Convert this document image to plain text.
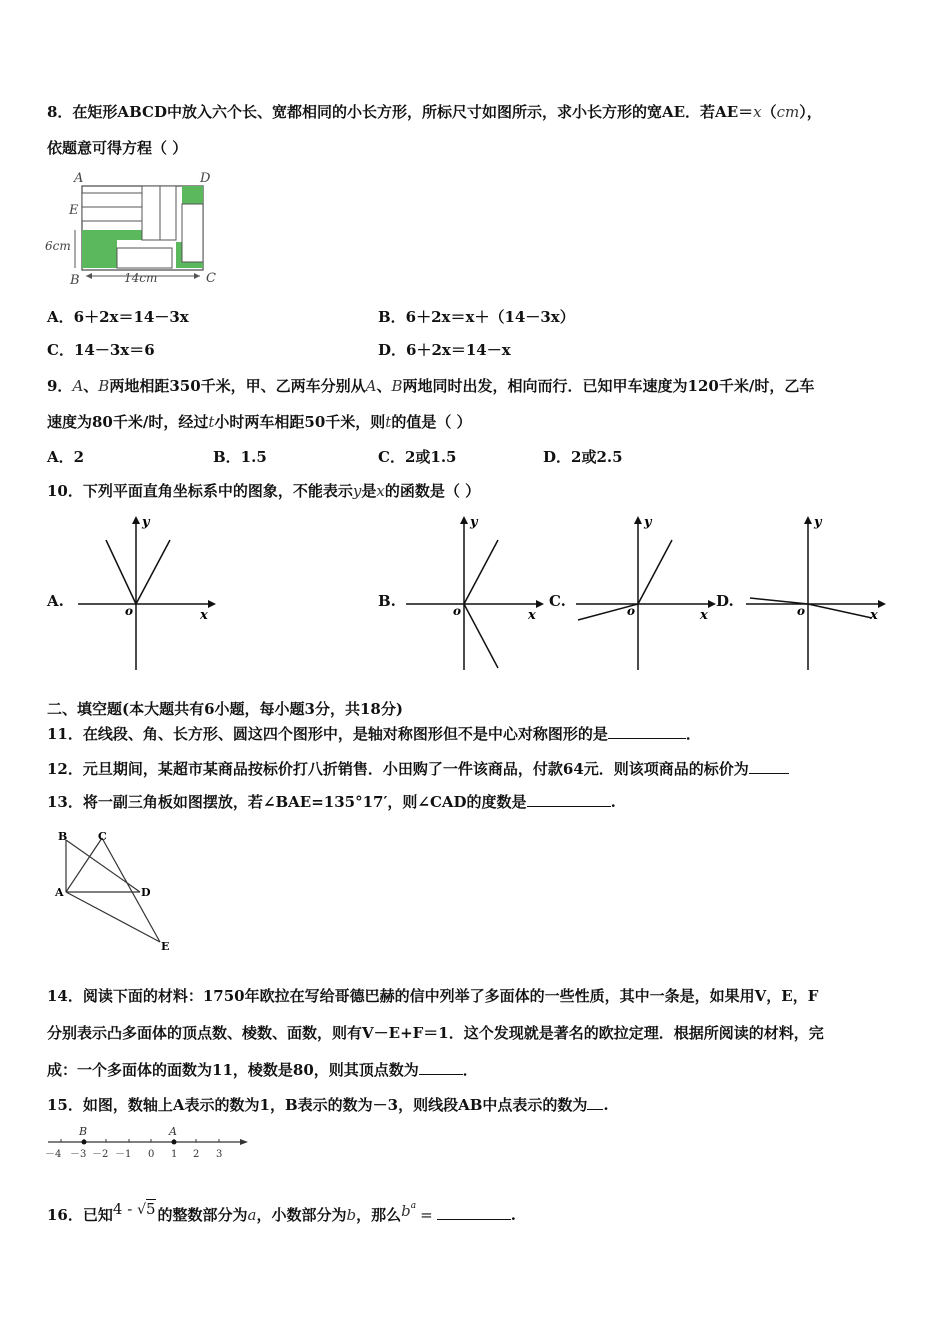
8．在矩形ABCD中放入六个长、宽都相同的小长方形，所标尺寸如图所示，求小长方形的宽AE．若AE＝x（cm），
依题意可得方程（ ）
A	D
E
6cm
B	C
14cm
A．6＋2x＝14－3x	B．6＋2x＝x＋（14－3x）
C．14－3x＝6	D．6＋2x＝14－x
9．A、B两地相距350千米，甲、乙两车分别从A、B两地同时出发，相向而行．已知甲车速度为120千米/时，乙车
速度为80千米/时，经过t小时两车相距50千米，则t的值是（ ）
A．2	B．1.5	C．2或1.5	D．2或2.5
10．下列平面直角坐标系中的图象，不能表示y是x的函数是（ ）
A.	B.	C.	D.
y
x
o
y
x
o
y
x
o
y
x
o
二、填空题(本大题共有6小题，每小题3分，共18分)
11．在线段、角、长方形、圆这四个图形中，是轴对称图形但不是中心对称图形的是	．
12．元旦期间，某超市某商品按标价打八折销售．小田购了一件该商品，付款64元．则该项商品的标价为
13．将一副三角板如图摆放，若∠BAE=135°17′，则∠CAD的度数是	.
B	C
A	D
E
14．阅读下面的材料：1750年欧拉在写给哥德巴赫的信中列举了多面体的一些性质，其中一条是，如果用V，E，F
分别表示凸多面体的顶点数、棱数、面数，则有V－E+F＝1．这个发现就是著名的欧拉定理．根据所阅读的材料，完
成：一个多面体的面数为11，棱数是80，则其顶点数为	．
15．如图，数轴上A表示的数为1，B表示的数为－3，则线段AB中点表示的数为 .
B	A
－4 －3 －2 －1 0 1 2 3
16．已知4 - √5 的整数部分为a，小数部分为b，那么$b^a$ =	.
